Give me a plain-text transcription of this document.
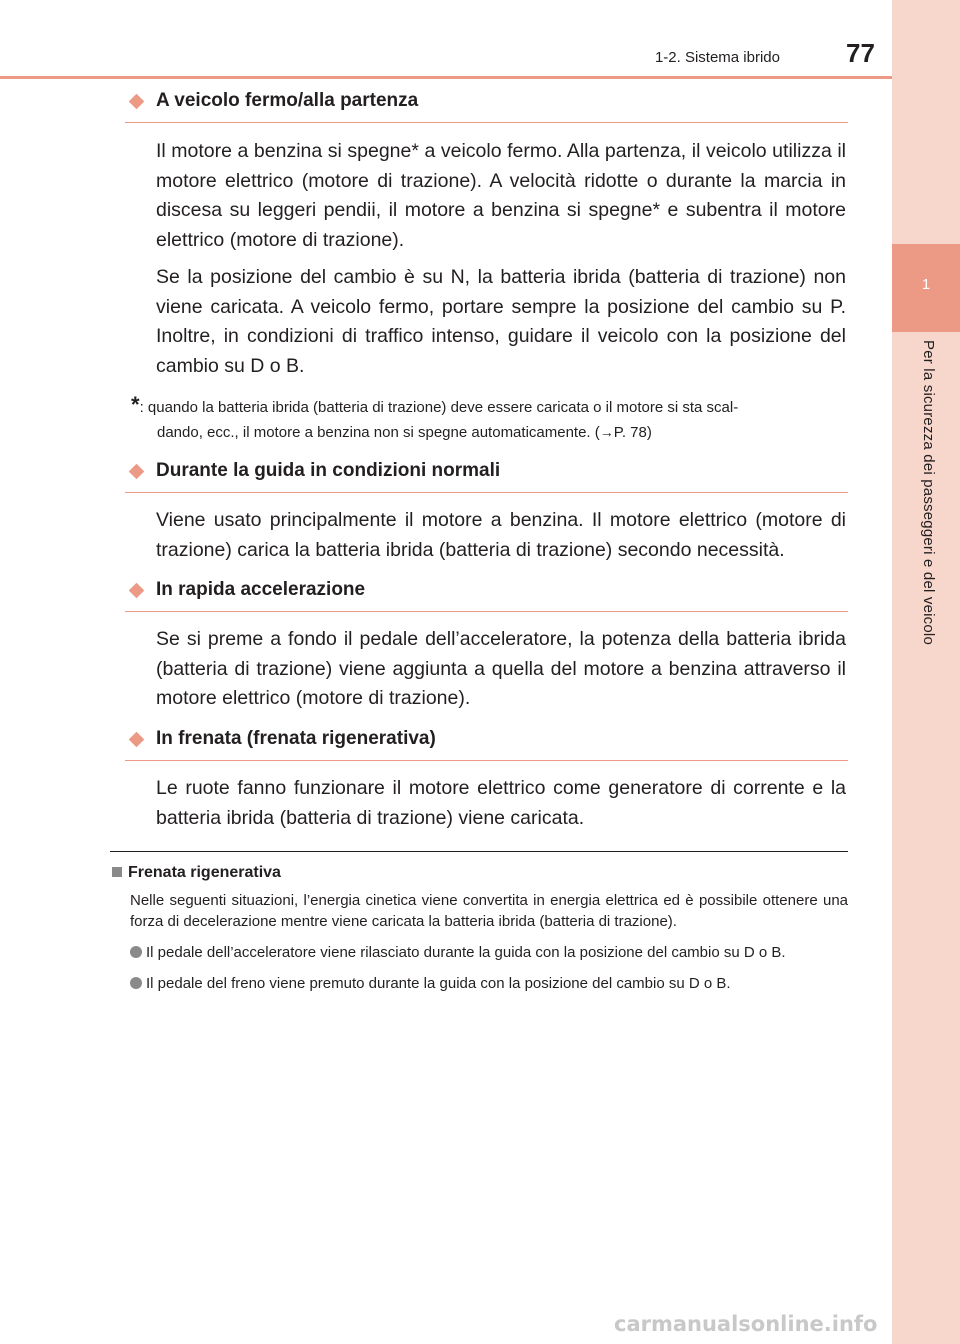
1
Per la sicurezza dei passeggeri e del veicolo
1-2. Sistema ibrido	77
A veicolo fermo/alla partenza

Il motore a benzina si spegne* a veicolo fermo. Alla partenza, il veicolo utilizza il motore elettrico (motore di trazione). A velocità ridotte o durante la marcia in discesa su leggeri pendii, il motore a benzina si spegne* e subentra il motore elettrico (motore di trazione).

Se la posizione del cambio è su N, la batteria ibrida (batteria di trazione) non viene caricata. A veicolo fermo, portare sempre la posizione del cambio su P. Inoltre, in condizioni di traffico intenso, guidare il veicolo con la posizione del cambio su D o B.

*: quando la batteria ibrida (batteria di trazione) deve essere caricata o il motore si sta scal-
dando, ecc., il motore a benzina non si spegne automaticamente. (→P. 78)
Durante la guida in condizioni normali

Viene usato principalmente il motore a benzina. Il motore elettrico (motore di trazione) carica la batteria ibrida (batteria di trazione) secondo necessità.

In rapida accelerazione

Se si preme a fondo il pedale dell’acceleratore, la potenza della batteria ibrida (batteria di trazione) viene aggiunta a quella del motore a benzina attraverso il motore elettrico (motore di trazione).

In frenata (frenata rigenerativa)

Le ruote fanno funzionare il motore elettrico come generatore di corrente e la batteria ibrida (batteria di trazione) viene caricata.

Frenata rigenerativa
Nelle seguenti situazioni, l’energia cinetica viene convertita in energia elettrica ed è possibile ottenere una forza di decelerazione mentre viene caricata la batteria ibrida (batteria di trazione).
Il pedale dell’acceleratore viene rilasciato durante la guida con la posizione del cambio su D o B.
Il pedale del freno viene premuto durante la guida con la posizione del cambio su D o B.
carmanualsonline.info
